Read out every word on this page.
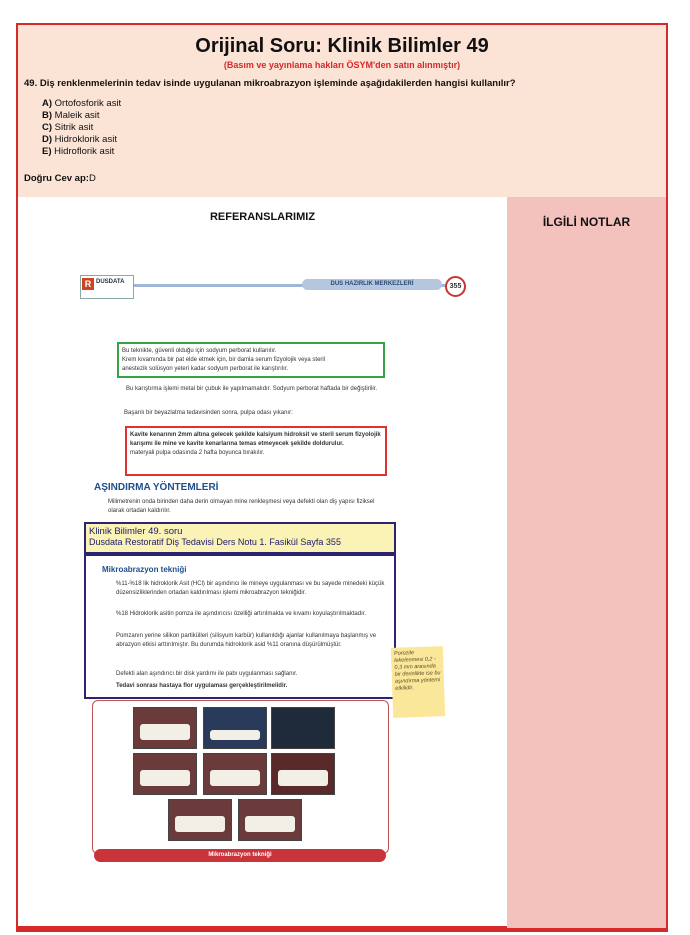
Orijinal Soru: Klinik Bilimler 49
(Basım ve yayınlama hakları ÖSYM'den satın alınmıştır)
49. Diş renklenmelerinin tedav isinde uygulanan mikroabrazyon işleminde aşağıdakilerden hangisi kullanılır?
A) Ortofosforik asit
B) Maleik asit
C) Sitrik asit
D) Hidroklorik asit
E) Hidroflorik asit
Doğru Cev ap:D
REFERANSLARIMIZ	İLGİLİ NOTLAR
R DUSDATA	DUS HAZIRLIK MERKEZLERİ	355
Bu teknikte, güvenli olduğu için sodyum perborat kullanılır.
Krem kıvamında bir pat elde etmek için, bir damla serum fizyolojik veya steril
anestezik solüsyon yeteri kadar sodyum perborat ile karıştırılır.
Bu karıştırma işlemi metal bir çubuk ile yapılmamalıdır. Sodyum perborat haftada bir değiştirilir.
Başarılı bir beyazlatma tedavisinden sonra, pulpa odası yıkanır:
Kavite kenarının 2mm altına gelecek şekilde kalsiyum hidroksit ve steril serum fizyolojik karışımı ile mine ve kavite kenarlarına temas etmeyecek şekilde doldurulur.
materyali pulpa odasında 2 hafta boyunca bırakılır.
AŞINDIRMA YÖNTEMLERİ
Milimetrenin onda birinden daha derin olmayan mine renkleşmesi veya defekti olan diş yapısı fiziksel olarak ortadan kaldırılır.
Klinik Bilimler 49. soru
Dusdata Restoratif Diş Tedavisi Ders Notu 1. Fasikül Sayfa 355
Mikroabrazyon tekniği
%11-%18 lik hidroklorik Asit (HCl) bir aşındırıcı ile mineye uygulanması ve bu sayede minedeki küçük düzensizliklerinden ortadan kaldırılması işlemi mikroabrazyon tekniğidir.
%18 Hidroklorik asitin pomza ile aşındırıcısı özelliği artırılmakta ve kıvamı koyulaştırılmaktadır.
Pomzanın yerine silikon partikülleri (silisyum karbür) kullanıldığı ajanlar kullanılmaya başlanmış ve abrazyon etkisi arttırılmıştır. Bu durumda hidroklorik asid %11 oranına düşürülmüştür.
Defekti alan aşındırıcı bir disk yardımı ile pabı uygulanması sağlanır.
Tedavi sonrası hastaya flor uygulaması gerçekleştirilmelidir.
Porozite lekelenmesi 0,2 - 0,3 mm arasında bir derinlikte ise bu aşındırma yöntemi etkilidir.
Mikroabrazyon tekniği
